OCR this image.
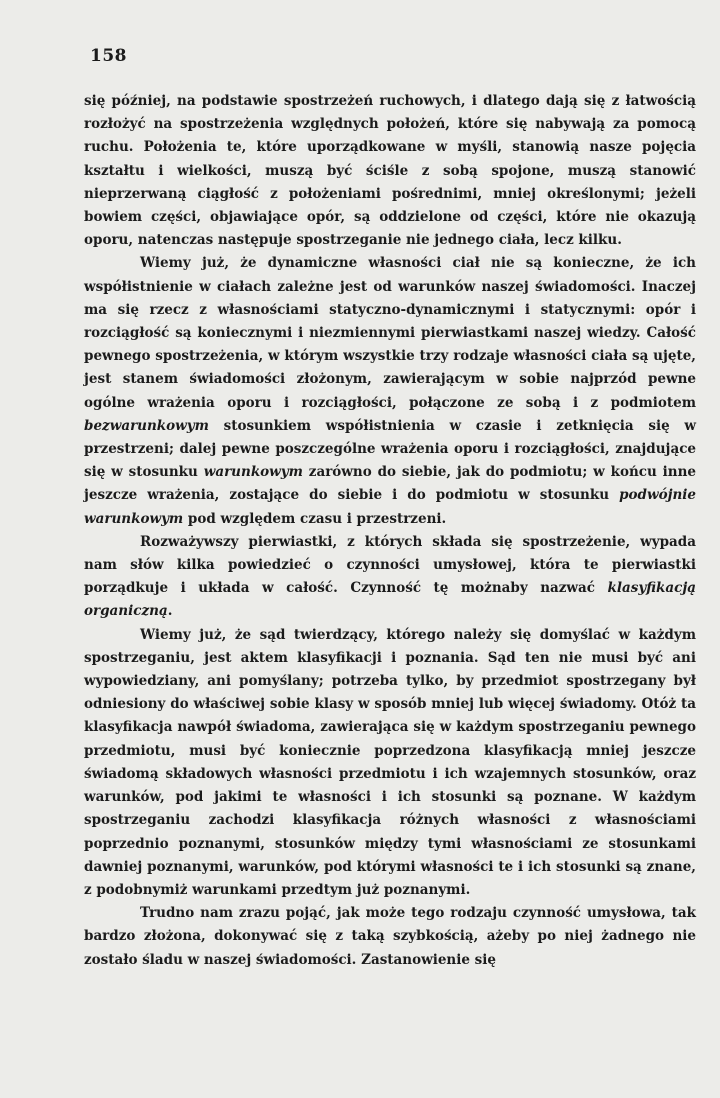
158

się później, na podstawie spostrzeżeń ruchowych, i dlatego dają się z łatwością rozłożyć na spostrzeżenia względnych położeń, które się nabywają za pomocą ruchu. Położenia te, które uporządkowane w myśli, stanowią nasze pojęcia kształtu i wielkości, muszą być ściśle z sobą spojone, muszą stanowić nieprzerwaną ciągłość z położeniami pośrednimi, mniej określonymi; jeżeli bowiem części, objawiające opór, są oddzielone od części, które nie okazują oporu, natenczas następuje spostrzeganie nie jednego ciała, lecz kilku.

Wiemy już, że dynamiczne własności ciał nie są konieczne, że ich współistnienie w ciałach zależne jest od warunków naszej świadomości. Inaczej ma się rzecz z własnościami statyczno-dynamicznymi i statycznymi: opór i rozciągłość są koniecznymi i niezmiennymi pierwiastkami naszej wiedzy. Całość pewnego spostrzeżenia, w którym wszystkie trzy rodzaje własności ciała są ujęte, jest stanem świadomości złożonym, zawierającym w sobie najprzód pewne ogólne wrażenia oporu i rozciągłości, połączone ze sobą i z podmiotem bezwarunkowym stosunkiem współistnienia w czasie i zetknięcia się w przestrzeni; dalej pewne poszczególne wrażenia oporu i rozciągłości, znajdujące się w stosunku warunkowym zarówno do siebie, jak do podmiotu; w końcu inne jeszcze wrażenia, zostające do siebie i do podmiotu w stosunku podwójnie warunkowym pod względem czasu i przestrzeni.

Rozważywszy pierwiastki, z których składa się spostrzeżenie, wypada nam słów kilka powiedzieć o czynności umysłowej, która te pierwiastki porządkuje i układa w całość. Czynność tę możnaby nazwać klasyfikacją organiczną.

Wiemy już, że sąd twierdzący, którego należy się domyślać w każdym spostrzeganiu, jest aktem klasyfikacji i poznania. Sąd ten nie musi być ani wypowiedziany, ani pomyślany; potrzeba tylko, by przedmiot spostrzegany był odniesiony do właściwej sobie klasy w sposób mniej lub więcej świadomy. Otóż ta klasyfikacja nawpół świadoma, zawierająca się w każdym spostrzeganiu pewnego przedmiotu, musi być koniecznie poprzedzona klasyfikacją mniej jeszcze świadomą składowych własności przedmiotu i ich wzajemnych stosunków, oraz warunków, pod jakimi te własności i ich stosunki są poznane. W każdym spostrzeganiu zachodzi klasyfikacja różnych własności z własnościami poprzednio poznanymi, stosunków między tymi własnościami ze stosunkami dawniej poznanymi, warunków, pod którymi własności te i ich stosunki są znane, z podobnymiż warunkami przedtym już poznanymi.

Trudno nam zrazu pojąć, jak może tego rodzaju czynność umysłowa, tak bardzo złożona, dokonywać się z taką szybkością, ażeby po niej żadnego nie zostało śladu w naszej świadomości. Zastanowienie się
